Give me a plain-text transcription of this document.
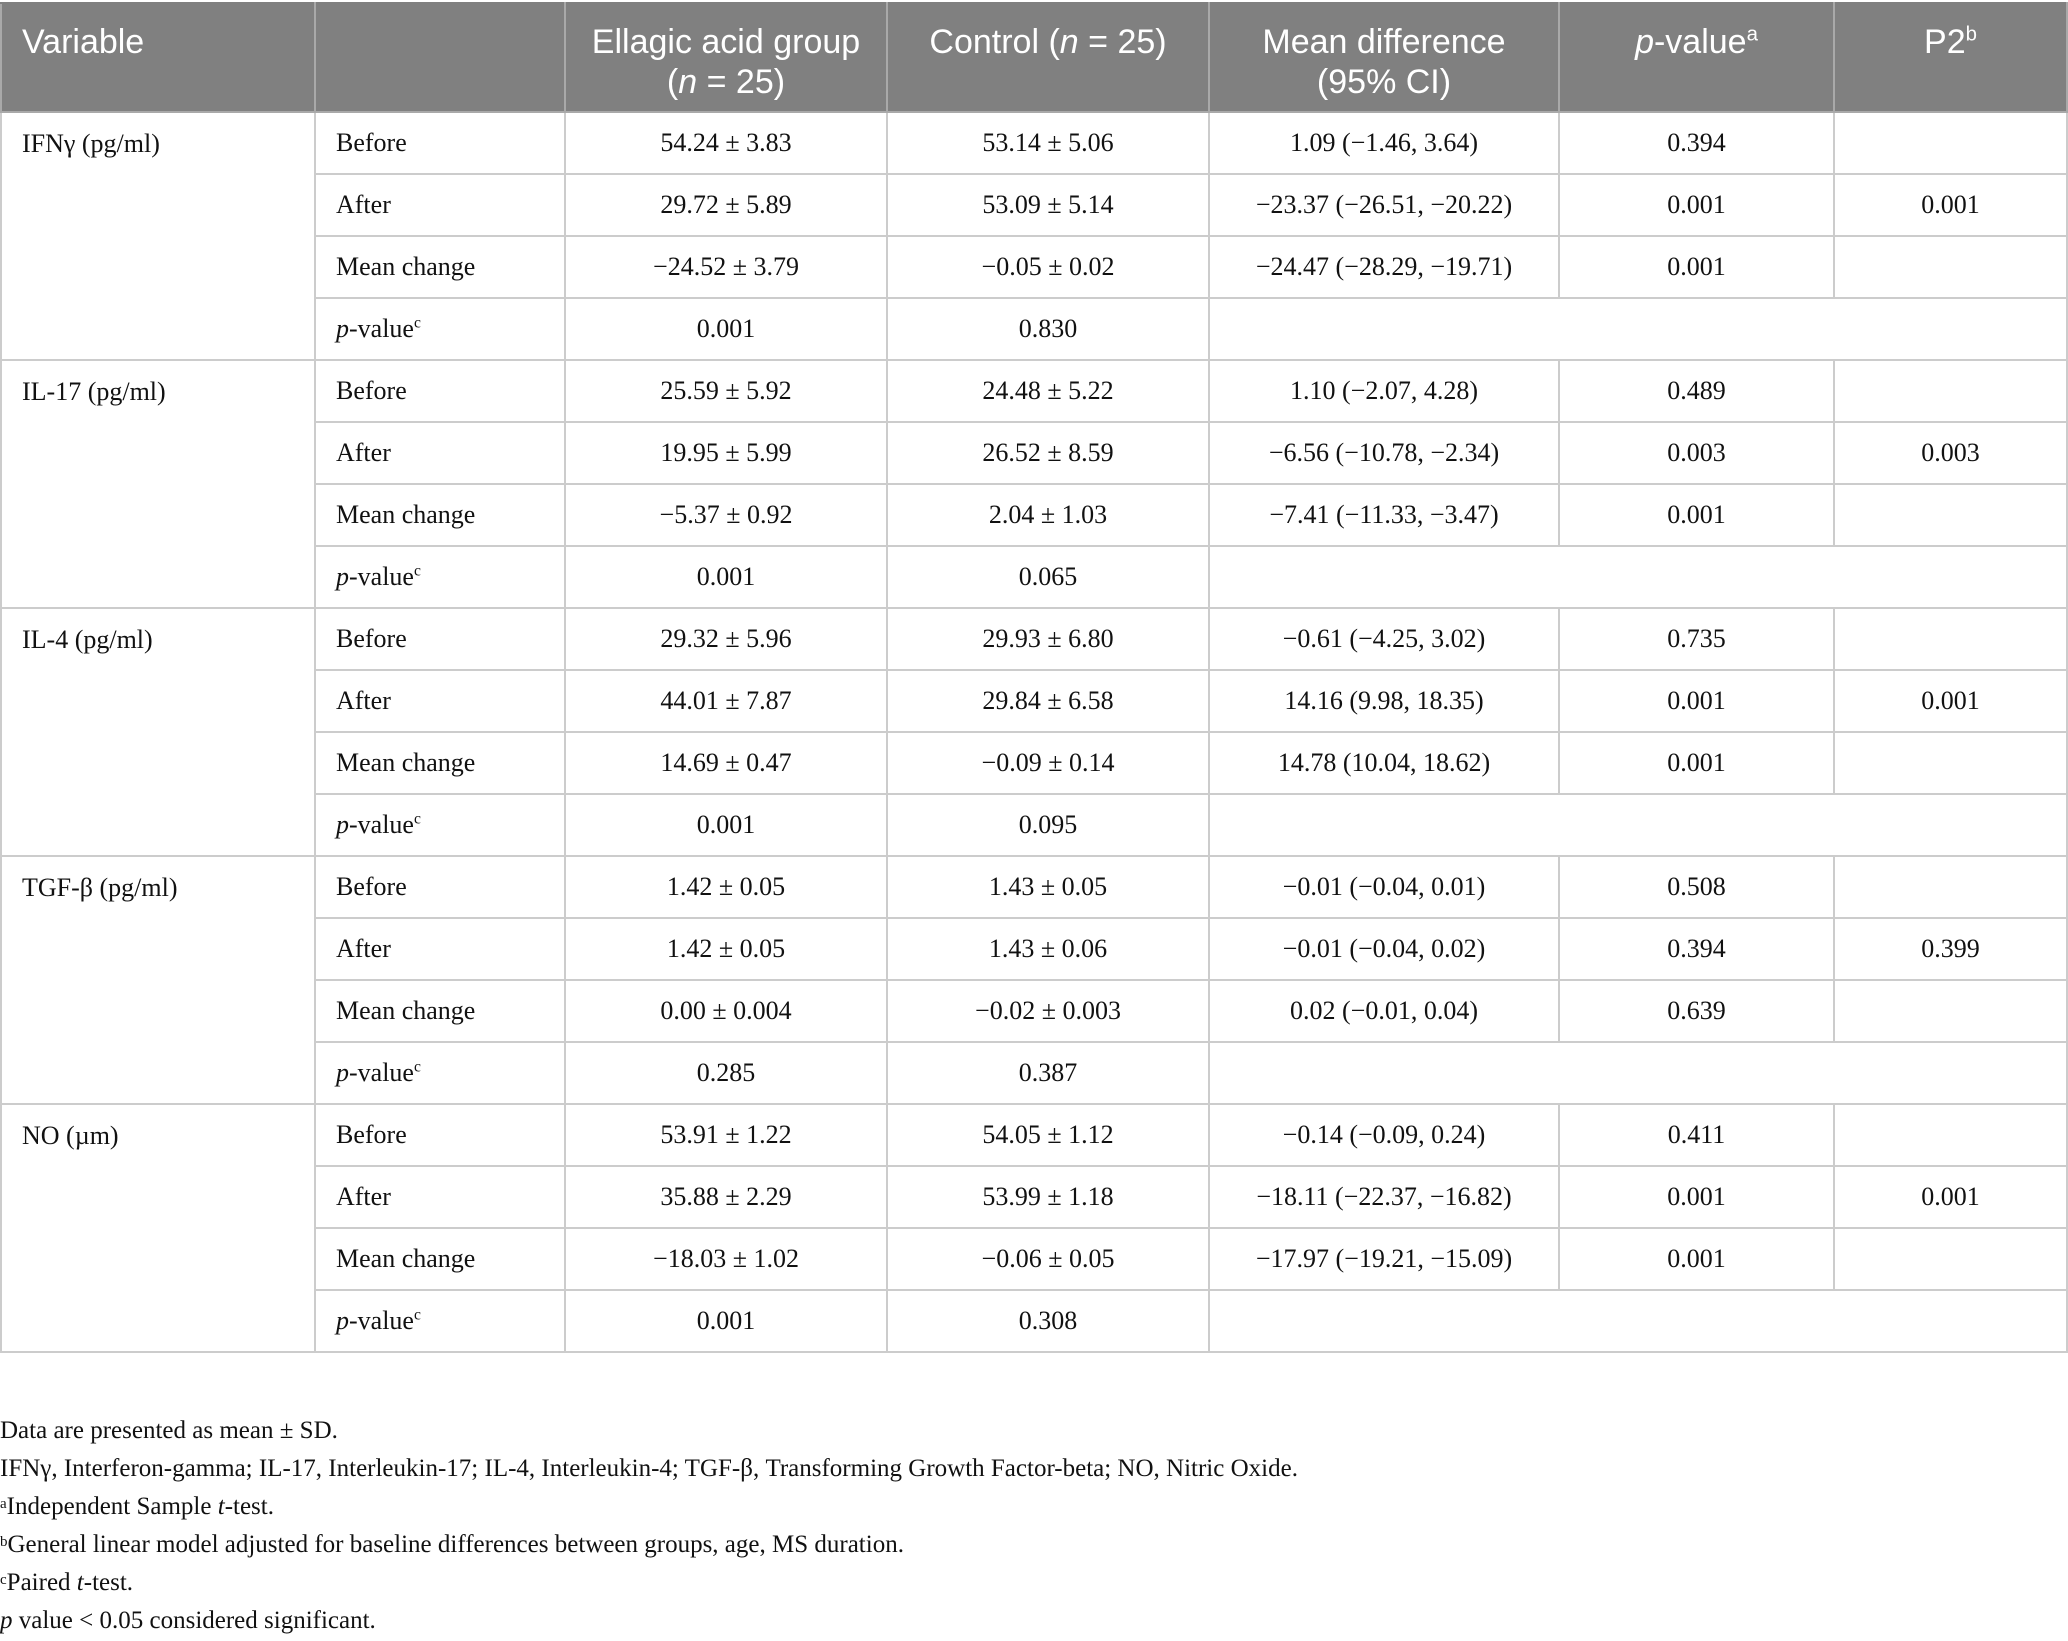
Variable		Ellagic acid group (n = 25)	Control (n = 25)	Mean difference (95% CI)	p-value$^a$	P2$^b$
IFNγ (pg/ml)	Before	54.24 ± 3.83	53.14 ± 5.06	1.09 (−1.46, 3.64)	0.394	
	After	29.72 ± 5.89	53.09 ± 5.14	−23.37 (−26.51, −20.22)	0.001	0.001
	Mean change	−24.52 ± 3.79	−0.05 ± 0.02	−24.47 (−28.29, −19.71)	0.001	
	p-value$^c$	0.001	0.830			
IL-17 (pg/ml)	Before	25.59 ± 5.92	24.48 ± 5.22	1.10 (−2.07, 4.28)	0.489	
	After	19.95 ± 5.99	26.52 ± 8.59	−6.56 (−10.78, −2.34)	0.003	0.003
	Mean change	−5.37 ± 0.92	2.04 ± 1.03	−7.41 (−11.33, −3.47)	0.001	
	p-value$^c$	0.001	0.065			
IL-4 (pg/ml)	Before	29.32 ± 5.96	29.93 ± 6.80	−0.61 (−4.25, 3.02)	0.735	
	After	44.01 ± 7.87	29.84 ± 6.58	14.16 (9.98, 18.35)	0.001	0.001
	Mean change	14.69 ± 0.47	−0.09 ± 0.14	14.78 (10.04, 18.62)	0.001	
	p-value$^c$	0.001	0.095			
TGF-β (pg/ml)	Before	1.42 ± 0.05	1.43 ± 0.05	−0.01 (−0.04, 0.01)	0.508	
	After	1.42 ± 0.05	1.43 ± 0.06	−0.01 (−0.04, 0.02)	0.394	0.399
	Mean change	0.00 ± 0.004	−0.02 ± 0.003	0.02 (−0.01, 0.04)	0.639	
	p-value$^c$	0.285	0.387			
NO (µm)	Before	53.91 ± 1.22	54.05 ± 1.12	−0.14 (−0.09, 0.24)	0.411	
	After	35.88 ± 2.29	53.99 ± 1.18	−18.11 (−22.37, −16.82)	0.001	0.001
	Mean change	−18.03 ± 1.02	−0.06 ± 0.05	−17.97 (−19.21, −15.09)	0.001	
	p-value$^c$	0.001	0.308			
Data are presented as mean ± SD.
IFNγ, Interferon-gamma; IL-17, Interleukin-17; IL-4, Interleukin-4; TGF-β, Transforming Growth Factor-beta; NO, Nitric Oxide.
$^a$Independent Sample t-test.
$^b$General linear model adjusted for baseline differences between groups, age, MS duration.
$^c$Paired t-test.
p value < 0.05 considered significant.
